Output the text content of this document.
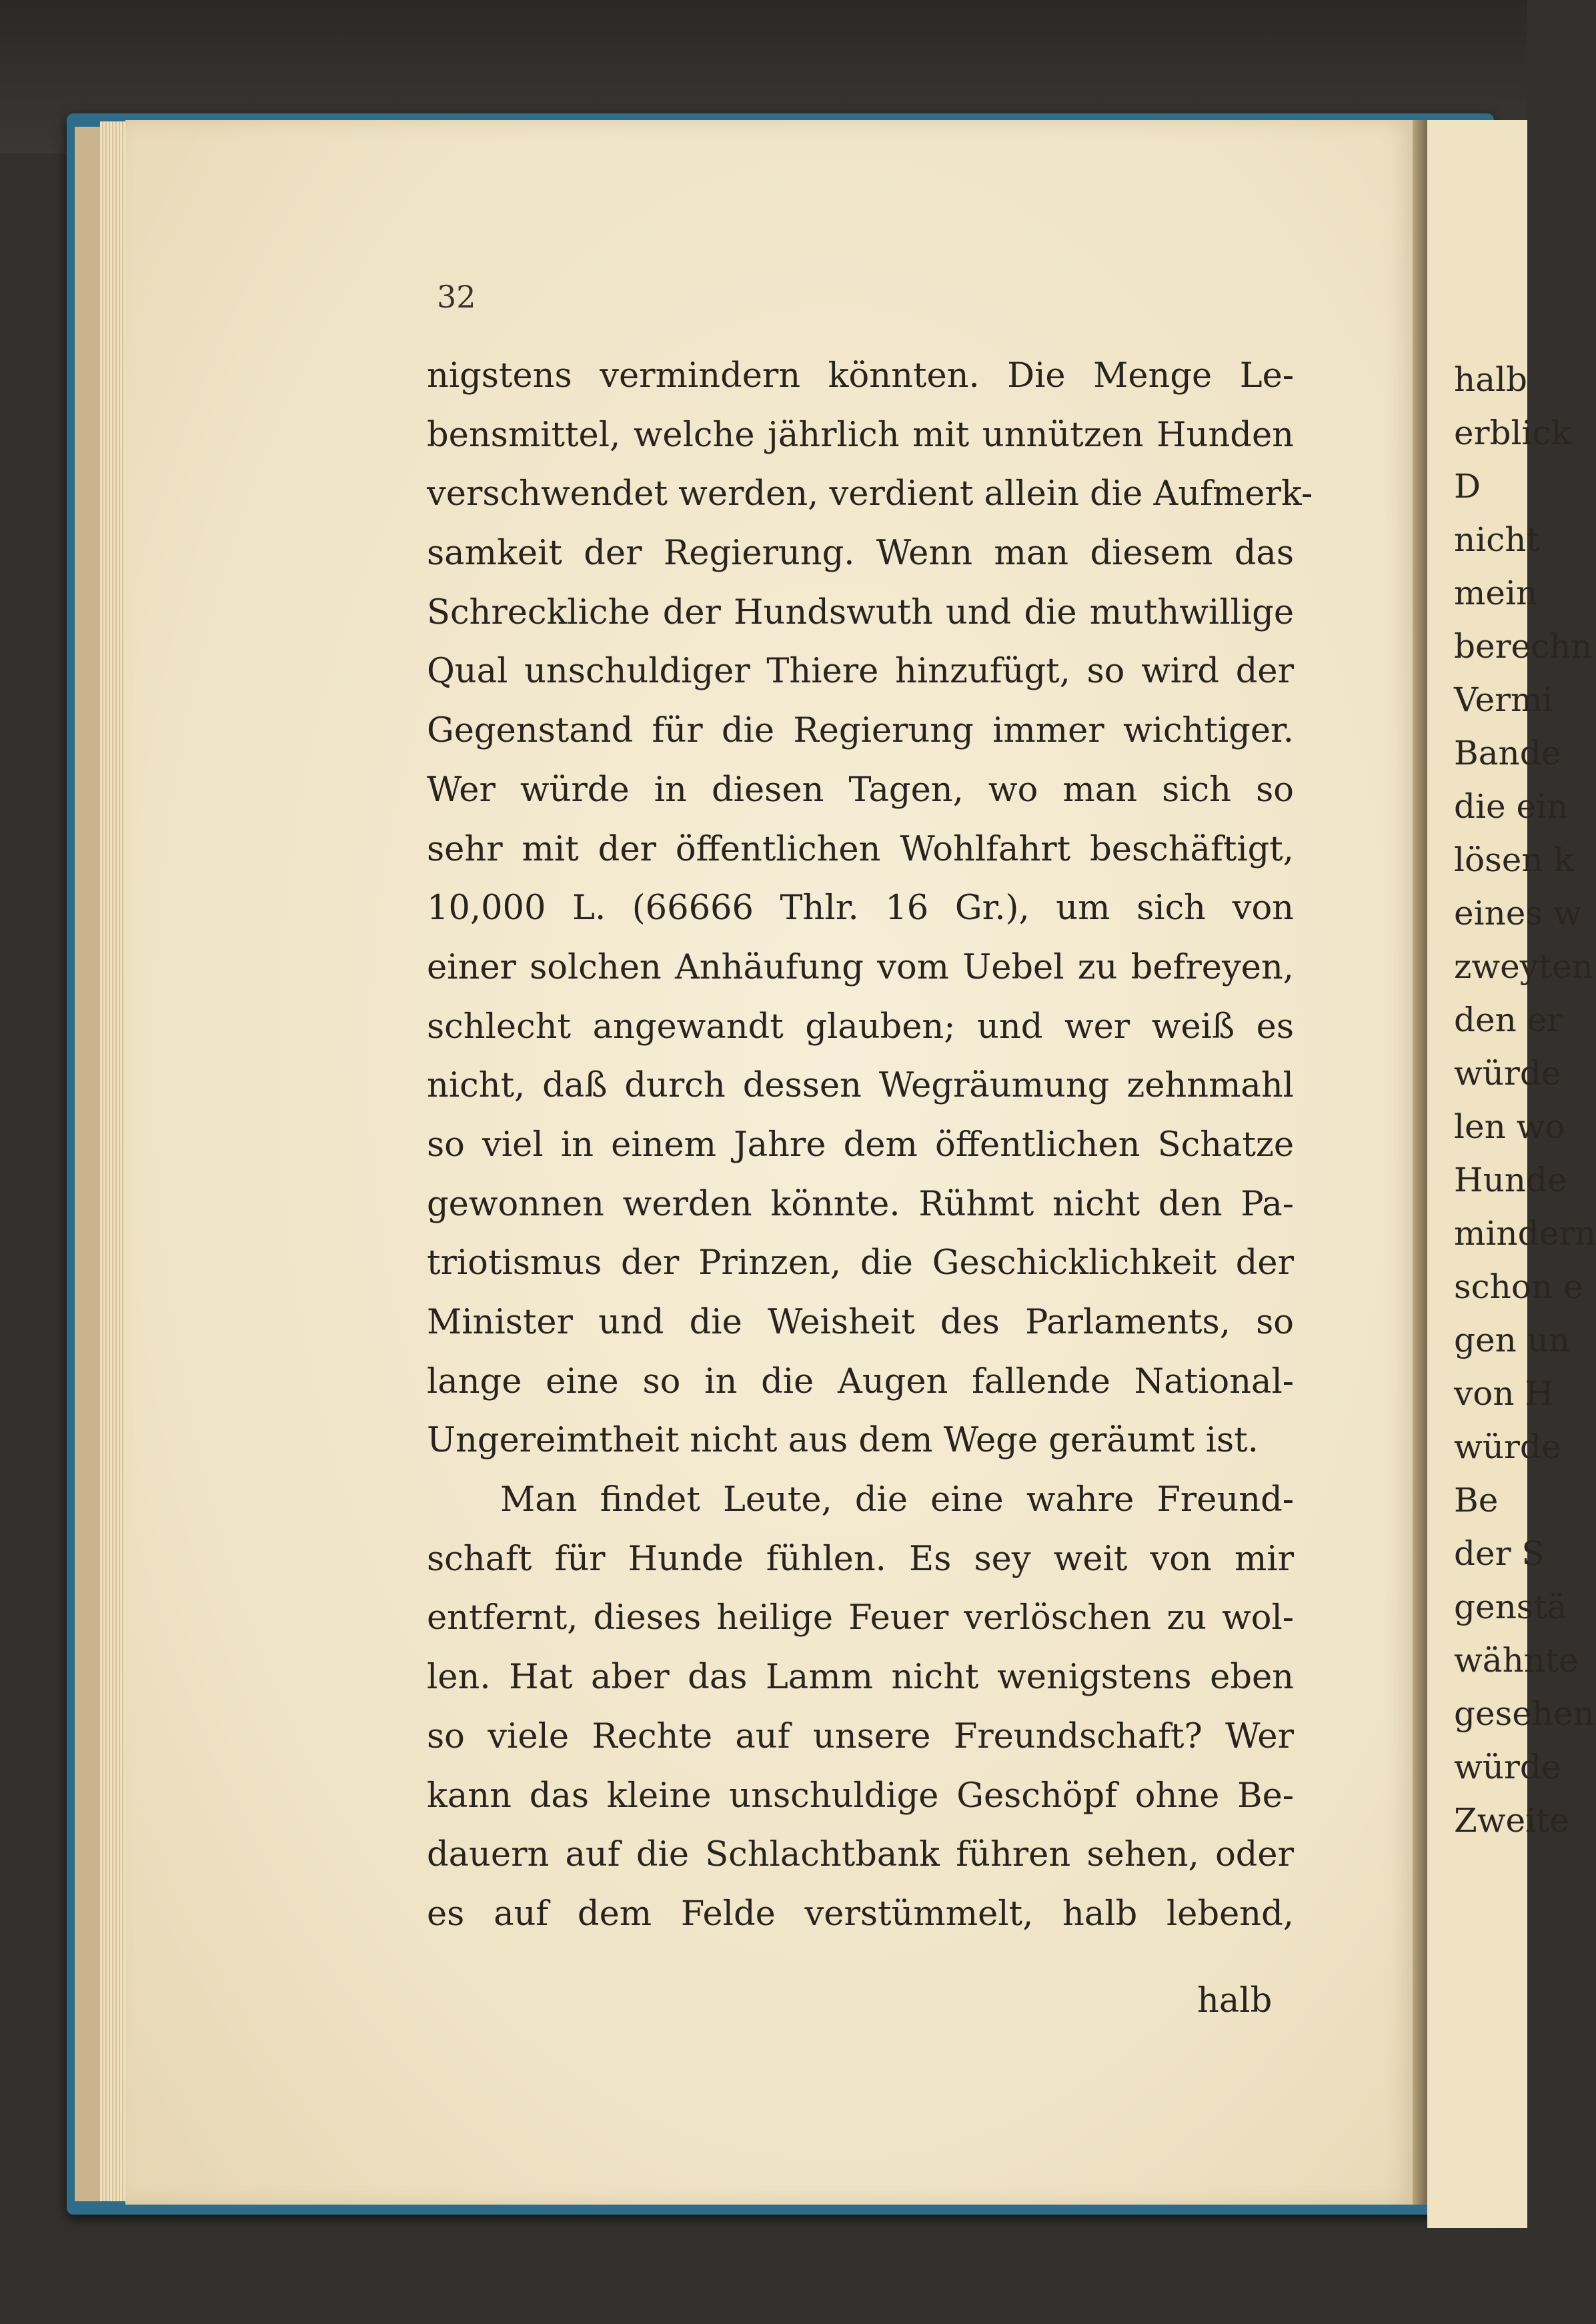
halb
erblick
D
nicht
mein
berechn
Vermi
Bande
die ein
lösen k
eines w
zweyten
den er
würde
len wo
Hunde
mindern
schon e
gen un
von H
würde
Be
der S
genstä
wähnte
gesehen
würde
Zweite
32
nigstens vermindern könnten. Die Menge Le-
bensmittel, welche jährlich mit unnützen Hunden
verschwendet werden, verdient allein die Aufmerk-
samkeit der Regierung. Wenn man diesem das
Schreckliche der Hundswuth und die muthwillige
Qual unschuldiger Thiere hinzufügt, so wird der
Gegenstand für die Regierung immer wichtiger.
Wer würde in diesen Tagen, wo man sich so
sehr mit der öffentlichen Wohlfahrt beschäftigt,
10,000 L. (66666 Thlr. 16 Gr.), um sich von
einer solchen Anhäufung vom Uebel zu befreyen,
schlecht angewandt glauben; und wer weiß es
nicht, daß durch dessen Wegräumung zehnmahl
so viel in einem Jahre dem öffentlichen Schatze
gewonnen werden könnte. Rühmt nicht den Pa-
triotismus der Prinzen, die Geschicklichkeit der
Minister und die Weisheit des Parlaments, so
lange eine so in die Augen fallende National-
Ungereimtheit nicht aus dem Wege geräumt ist.
Man findet Leute, die eine wahre Freund-
schaft für Hunde fühlen. Es sey weit von mir
entfernt, dieses heilige Feuer verlöschen zu wol-
len. Hat aber das Lamm nicht wenigstens eben
so viele Rechte auf unsere Freundschaft? Wer
kann das kleine unschuldige Geschöpf ohne Be-
dauern auf die Schlachtbank führen sehen, oder
es auf dem Felde verstümmelt, halb lebend,
halb
